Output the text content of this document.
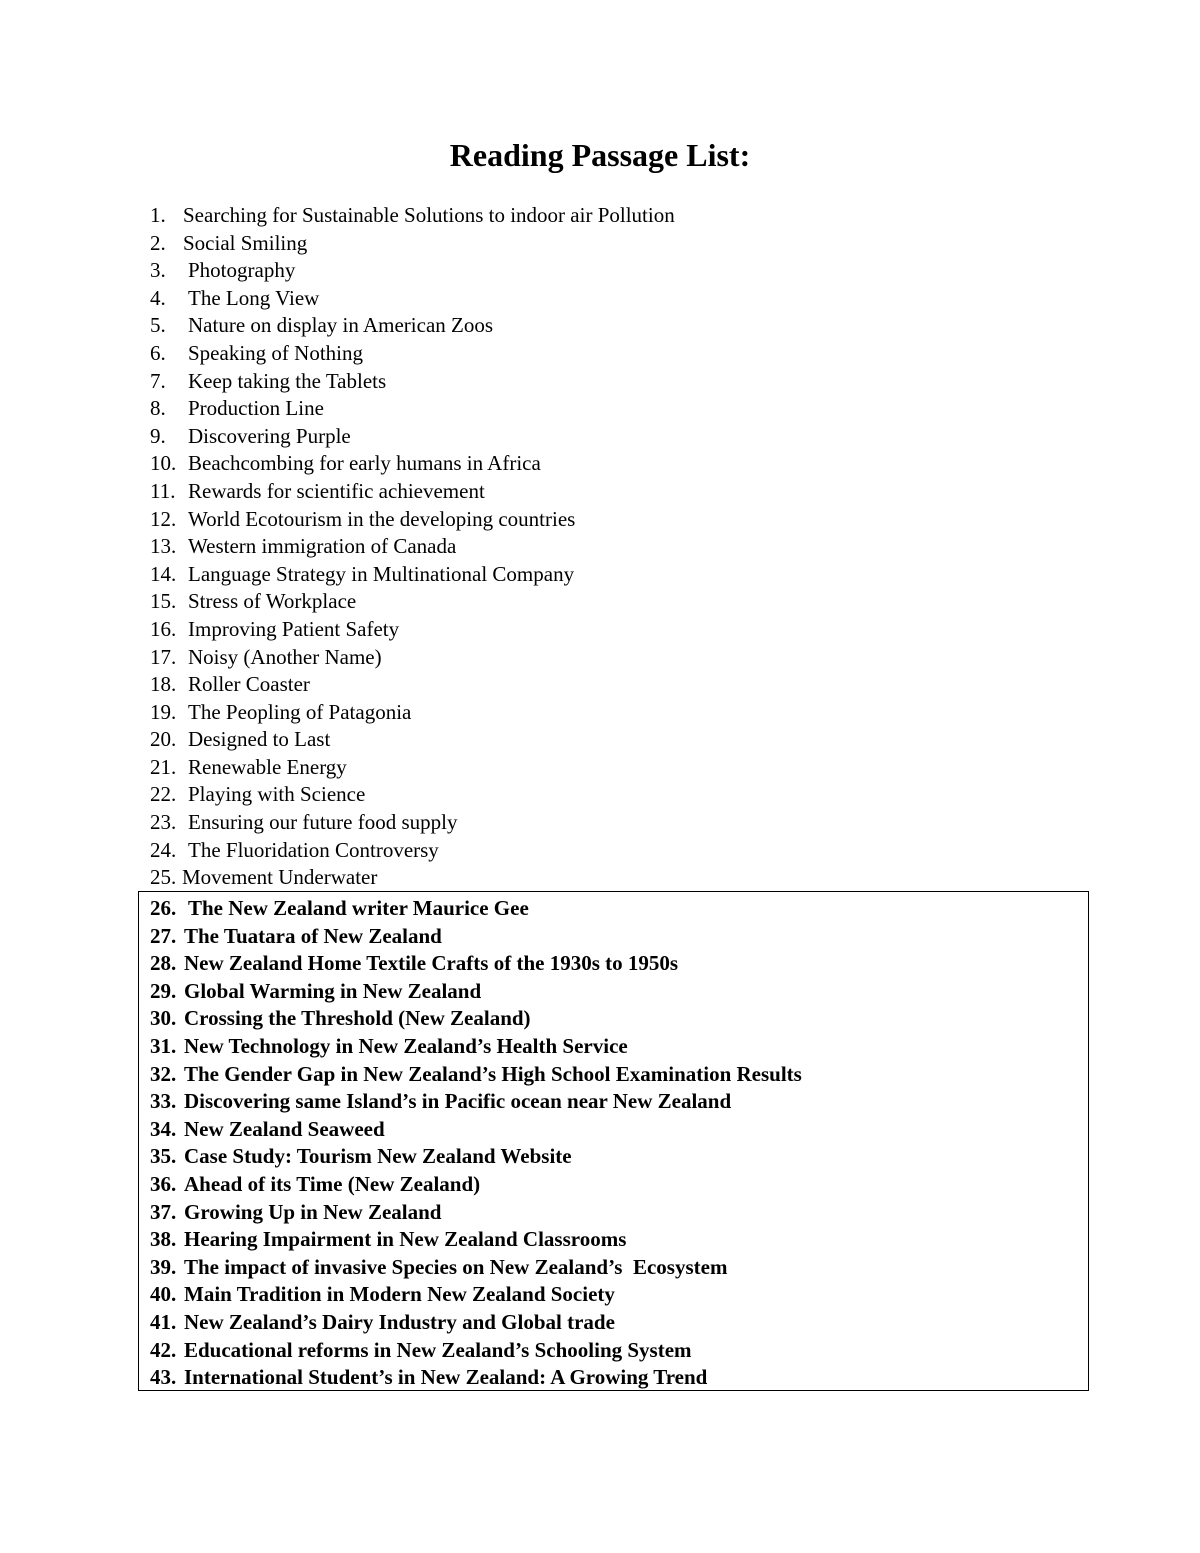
Reading Passage List:
1. Searching for Sustainable Solutions to indoor air Pollution
2. Social Smiling
3. Photography
4. The Long View
5. Nature on display in American Zoos
6. Speaking of Nothing
7. Keep taking the Tablets
8. Production Line
9. Discovering Purple
10. Beachcombing for early humans in Africa
11. Rewards for scientific achievement
12. World Ecotourism in the developing countries
13. Western immigration of Canada
14. Language Strategy in Multinational Company
15. Stress of Workplace
16. Improving Patient Safety
17. Noisy (Another Name)
18. Roller Coaster
19. The Peopling of Patagonia
20. Designed to Last
21. Renewable Energy
22. Playing with Science
23. Ensuring our future food supply
24. The Fluoridation Controversy
25. Movement Underwater
26. The New Zealand writer Maurice Gee
27. The Tuatara of New Zealand
28. New Zealand Home Textile Crafts of the 1930s to 1950s
29. Global Warming in New Zealand
30. Crossing the Threshold (New Zealand)
31. New Technology in New Zealand’s Health Service
32. The Gender Gap in New Zealand’s High School Examination Results
33. Discovering same Island’s in Pacific ocean near New Zealand
34. New Zealand Seaweed
35. Case Study: Tourism New Zealand Website
36. Ahead of its Time (New Zealand)
37. Growing Up in New Zealand
38. Hearing Impairment in New Zealand Classrooms
39. The impact of invasive Species on New Zealand’s  Ecosystem
40. Main Tradition in Modern New Zealand Society
41. New Zealand’s Dairy Industry and Global trade
42. Educational reforms in New Zealand’s Schooling System
43. International Student’s in New Zealand: A Growing Trend
